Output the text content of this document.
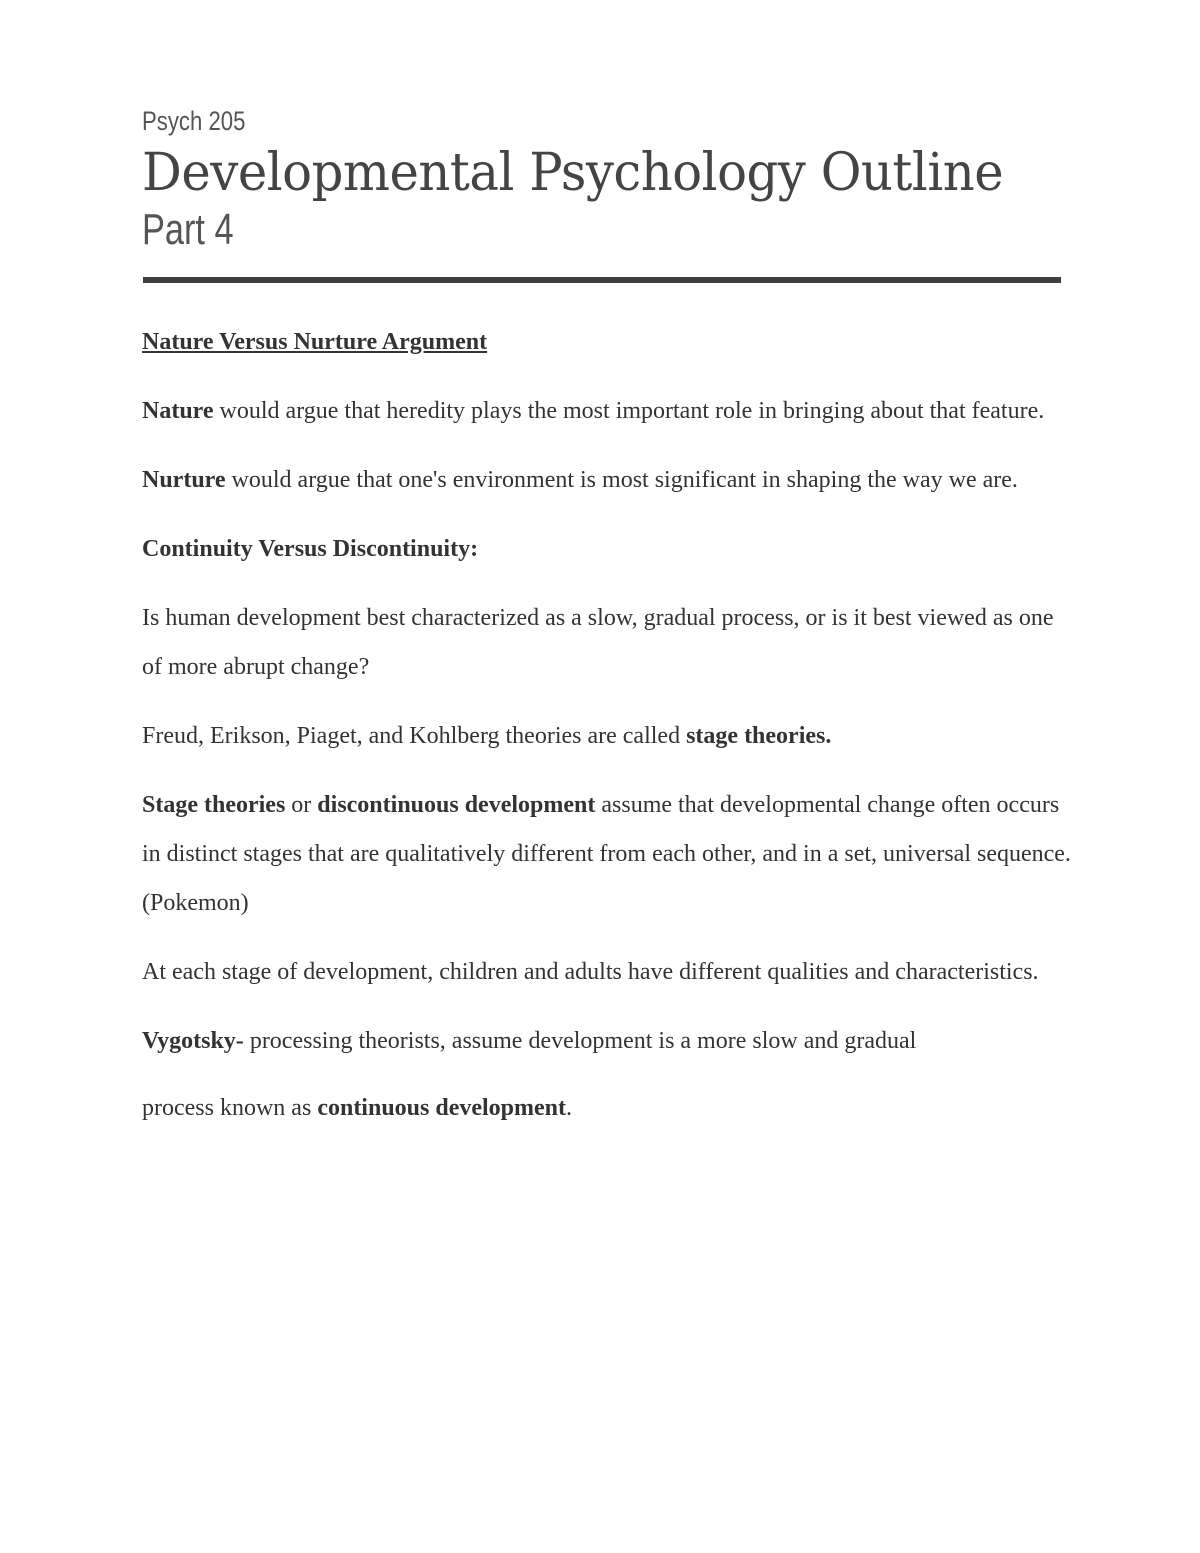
Psych 205
Developmental Psychology Outline
Part 4

Nature Versus Nurture Argument

Nature would argue that heredity plays the most important role in bringing about that feature.

Nurture would argue that one's environment is most significant in shaping the way we are.

Continuity Versus Discontinuity:

Is human development best characterized as a slow, gradual process, or is it best viewed as one of more abrupt change?

Freud, Erikson, Piaget, and Kohlberg theories are called stage theories.

Stage theories or discontinuous development assume that developmental change often occurs in distinct stages that are qualitatively different from each other, and in a set, universal sequence. (Pokemon)

At each stage of development, children and adults have different qualities and characteristics.

Vygotsky- processing theorists, assume development is a more slow and gradual

process known as continuous development.
